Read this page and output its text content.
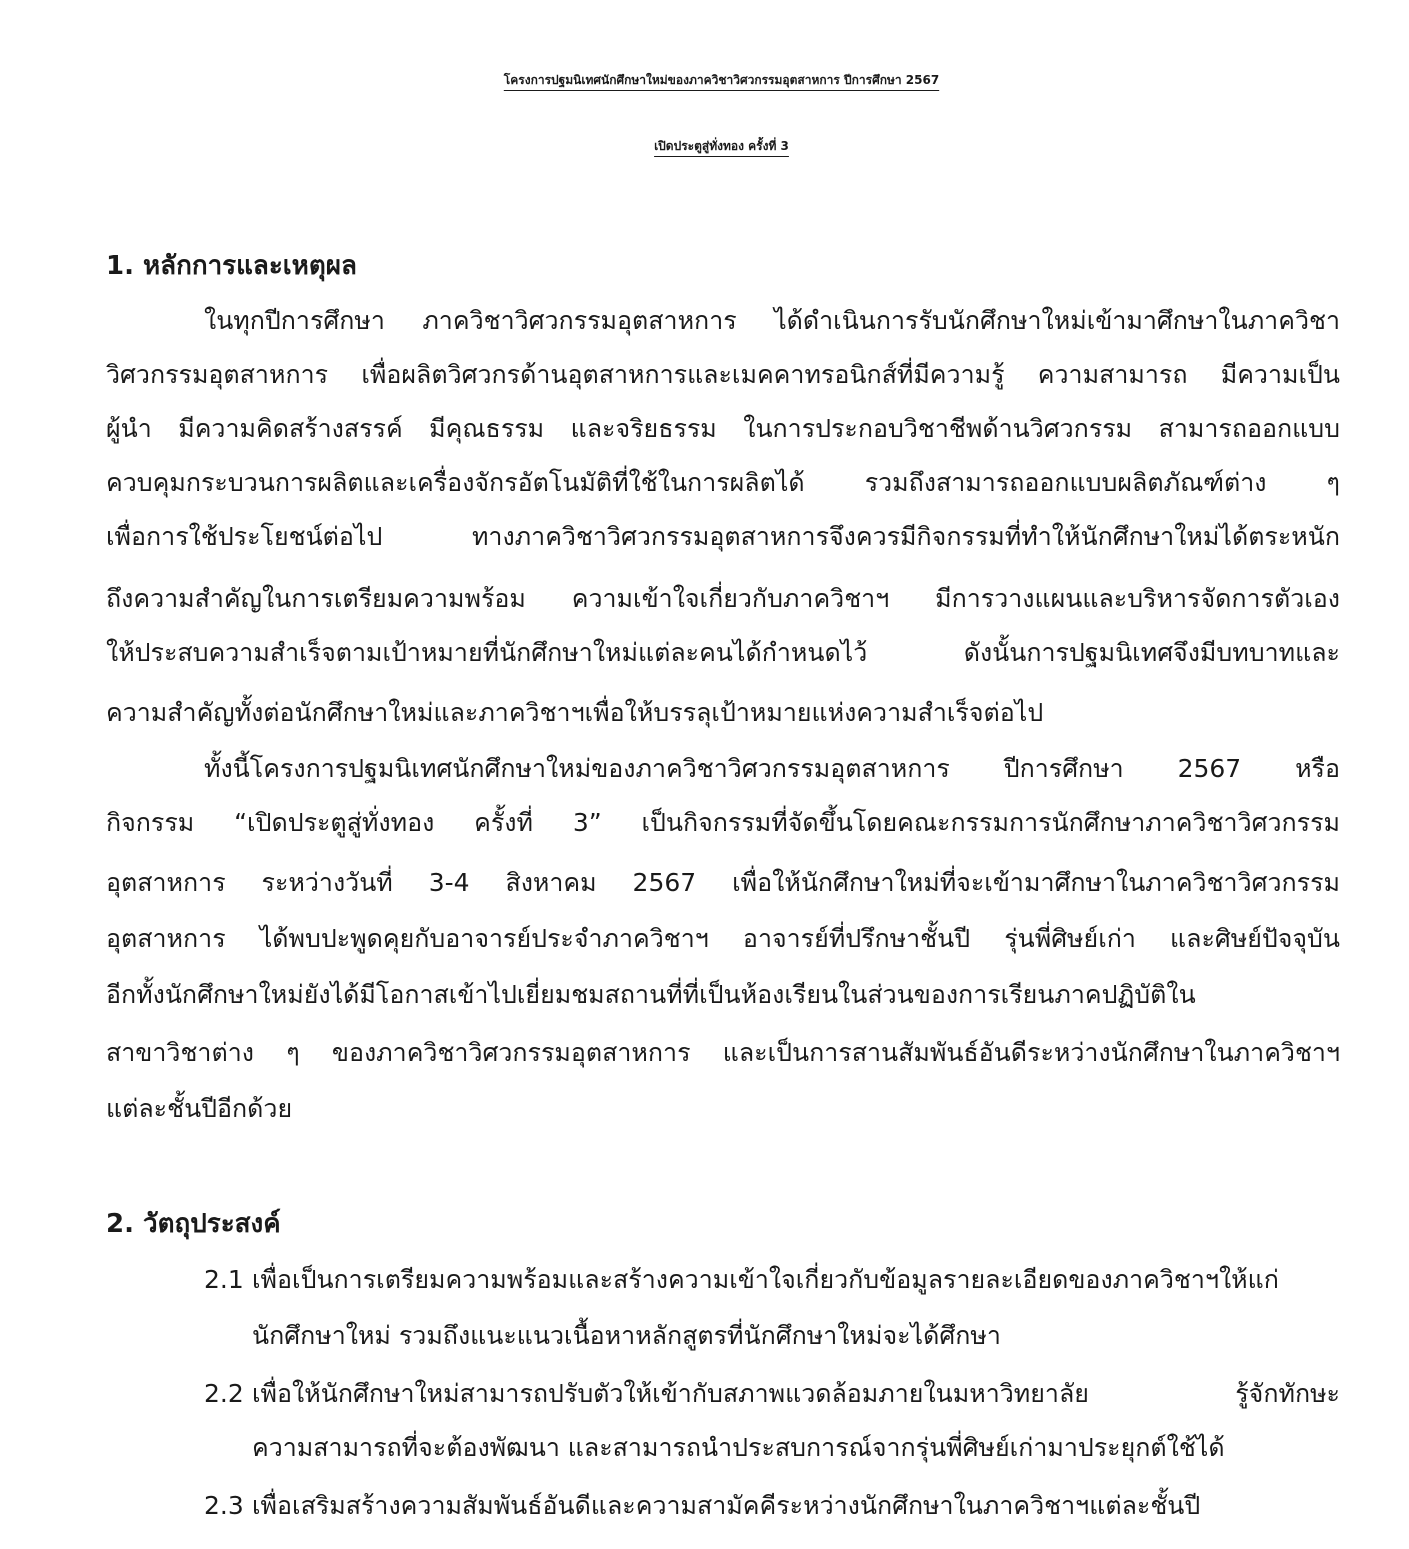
โครงการปฐมนิเทศนักศึกษาใหม่ของภาควิชาวิศวกรรมอุตสาหการ ปีการศึกษา 2567
เปิดประตูสู่ทั่งทอง ครั้งที่ 3
1. หลักการและเหตุผล
ในทุกปีการศึกษา ภาควิชาวิศวกรรมอุตสาหการ ได้ดำเนินการรับนักศึกษาใหม่เข้ามาศึกษาในภาควิชา
วิศวกรรมอุตสาหการ เพื่อผลิตวิศวกรด้านอุตสาหการและเมคคาทรอนิกส์ที่มีความรู้ ความสามารถ มีความเป็น
ผู้นำ มีความคิดสร้างสรรค์ มีคุณธรรม และจริยธรรม ในการประกอบวิชาชีพด้านวิศวกรรม สามารถออกแบบ
ควบคุมกระบวนการผลิตและเครื่องจักรอัตโนมัติที่ใช้ในการผลิตได้ รวมถึงสามารถออกแบบผลิตภัณฑ์ต่าง ๆ
เพื่อการใช้ประโยชน์ต่อไป ทางภาควิชาวิศวกรรมอุตสาหการจึงควรมีกิจกรรมที่ทำให้นักศึกษาใหม่ได้ตระหนัก
ถึงความสำคัญในการเตรียมความพร้อม ความเข้าใจเกี่ยวกับภาควิชาฯ มีการวางแผนและบริหารจัดการตัวเอง
ให้ประสบความสำเร็จตามเป้าหมายที่นักศึกษาใหม่แต่ละคนได้กำหนดไว้ ดังนั้นการปฐมนิเทศจึงมีบทบาทและ
ความสำคัญทั้งต่อนักศึกษาใหม่และภาควิชาฯเพื่อให้บรรลุเป้าหมายแห่งความสำเร็จต่อไป
ทั้งนี้โครงการปฐมนิเทศนักศึกษาใหม่ของภาควิชาวิศวกรรมอุตสาหการ ปีการศึกษา 2567 หรือ
กิจกรรม “เปิดประตูสู่ทั่งทอง ครั้งที่ 3” เป็นกิจกรรมที่จัดขึ้นโดยคณะกรรมการนักศึกษาภาควิชาวิศวกรรม
อุตสาหการ ระหว่างวันที่ 3-4 สิงหาคม 2567 เพื่อให้นักศึกษาใหม่ที่จะเข้ามาศึกษาในภาควิชาวิศวกรรม
อุตสาหการ ได้พบปะพูดคุยกับอาจารย์ประจำภาควิชาฯ อาจารย์ที่ปรึกษาชั้นปี รุ่นพี่ศิษย์เก่า และศิษย์ปัจจุบัน
อีกทั้งนักศึกษาใหม่ยังได้มีโอกาสเข้าไปเยี่ยมชมสถานที่ที่เป็นห้องเรียนในส่วนของการเรียนภาคปฏิบัติใน
สาขาวิชาต่าง ๆ ของภาควิชาวิศวกรรมอุตสาหการ และเป็นการสานสัมพันธ์อันดีระหว่างนักศึกษาในภาควิชาฯ
แต่ละชั้นปีอีกด้วย
2. วัตถุประสงค์
2.1 เพื่อเป็นการเตรียมความพร้อมและสร้างความเข้าใจเกี่ยวกับข้อมูลรายละเอียดของภาควิชาฯให้แก่
นักศึกษาใหม่ รวมถึงแนะแนวเนื้อหาหลักสูตรที่นักศึกษาใหม่จะได้ศึกษา
2.2 เพื่อให้นักศึกษาใหม่สามารถปรับตัวให้เข้ากับสภาพแวดล้อมภายในมหาวิทยาลัย รู้จักทักษะ
ความสามารถที่จะต้องพัฒนา และสามารถนำประสบการณ์จากรุ่นพี่ศิษย์เก่ามาประยุกต์ใช้ได้
2.3 เพื่อเสริมสร้างความสัมพันธ์อันดีและความสามัคคีระหว่างนักศึกษาในภาควิชาฯแต่ละชั้นปี
